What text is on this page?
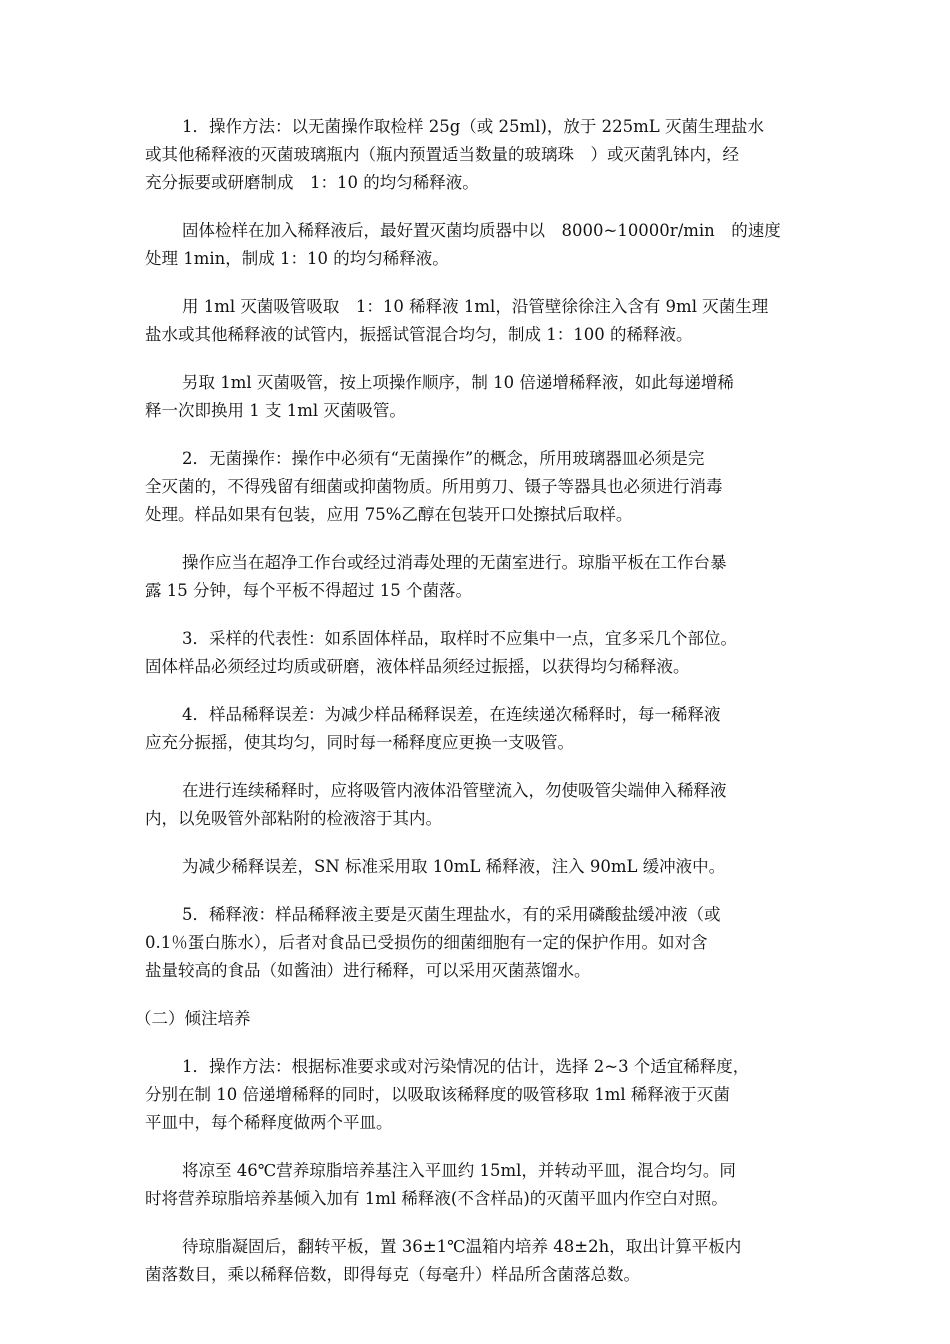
1．操作方法：以无菌操作取检样 25g（或 25ml)，放于 225mL 灭菌生理盐水
或其他稀释液的灭菌玻璃瓶内（瓶内预置适当数量的玻璃珠　）或灭菌乳钵内，经
充分振要或研磨制成　1：10 的均匀稀释液。
固体检样在加入稀释液后，最好置灭菌均质器中以　8000~10000r/min　的速度
处理 1min，制成 1：10 的均匀稀释液。
用 1ml 灭菌吸管吸取　1：10 稀释液 1ml，沿管壁徐徐注入含有 9ml 灭菌生理
盐水或其他稀释液的试管内，振摇试管混合均匀，制成 1：100 的稀释液。
另取 1ml 灭菌吸管，按上项操作顺序，制 10 倍递增稀释液，如此每递增稀
释一次即换用 1 支 1ml 灭菌吸管。
2．无菌操作：操作中必须有“无菌操作”的概念，所用玻璃器皿必须是完
全灭菌的，不得残留有细菌或抑菌物质。所用剪刀、镊子等器具也必须进行消毒
处理。样品如果有包装，应用 75%乙醇在包装开口处擦拭后取样。
操作应当在超净工作台或经过消毒处理的无菌室进行。琼脂平板在工作台暴
露 15 分钟，每个平板不得超过 15 个菌落。
3．采样的代表性：如系固体样品，取样时不应集中一点，宜多采几个部位。
固体样品必须经过均质或研磨，液体样品须经过振摇，以获得均匀稀释液。
4．样品稀释误差：为减少样品稀释误差，在连续递次稀释时，每一稀释液
应充分振摇，使其均匀，同时每一稀释度应更换一支吸管。
在进行连续稀释时，应将吸管内液体沿管壁流入，勿使吸管尖端伸入稀释液
内，以免吸管外部粘附的检液溶于其内。
为减少稀释误差，SN 标准采用取 10mL 稀释液，注入 90mL 缓冲液中。
5．稀释液：样品稀释液主要是灭菌生理盐水，有的采用磷酸盐缓冲液（或
0.1％蛋白胨水），后者对食品已受损伤的细菌细胞有一定的保护作用。如对含
盐量较高的食品（如酱油）进行稀释，可以采用灭菌蒸馏水。
（二）倾注培养
1．操作方法：根据标准要求或对污染情况的估计，选择 2~3 个适宜稀释度，
分别在制 10 倍递增稀释的同时，以吸取该稀释度的吸管移取 1ml 稀释液于灭菌
平皿中，每个稀释度做两个平皿。
将凉至 46℃营养琼脂培养基注入平皿约 15ml，并转动平皿，混合均匀。同
时将营养琼脂培养基倾入加有 1ml 稀释液(不含样品)的灭菌平皿内作空白对照。
待琼脂凝固后，翻转平板，置 36±1℃温箱内培养 48±2h，取出计算平板内
菌落数目，乘以稀释倍数，即得每克（每毫升）样品所含菌落总数。
